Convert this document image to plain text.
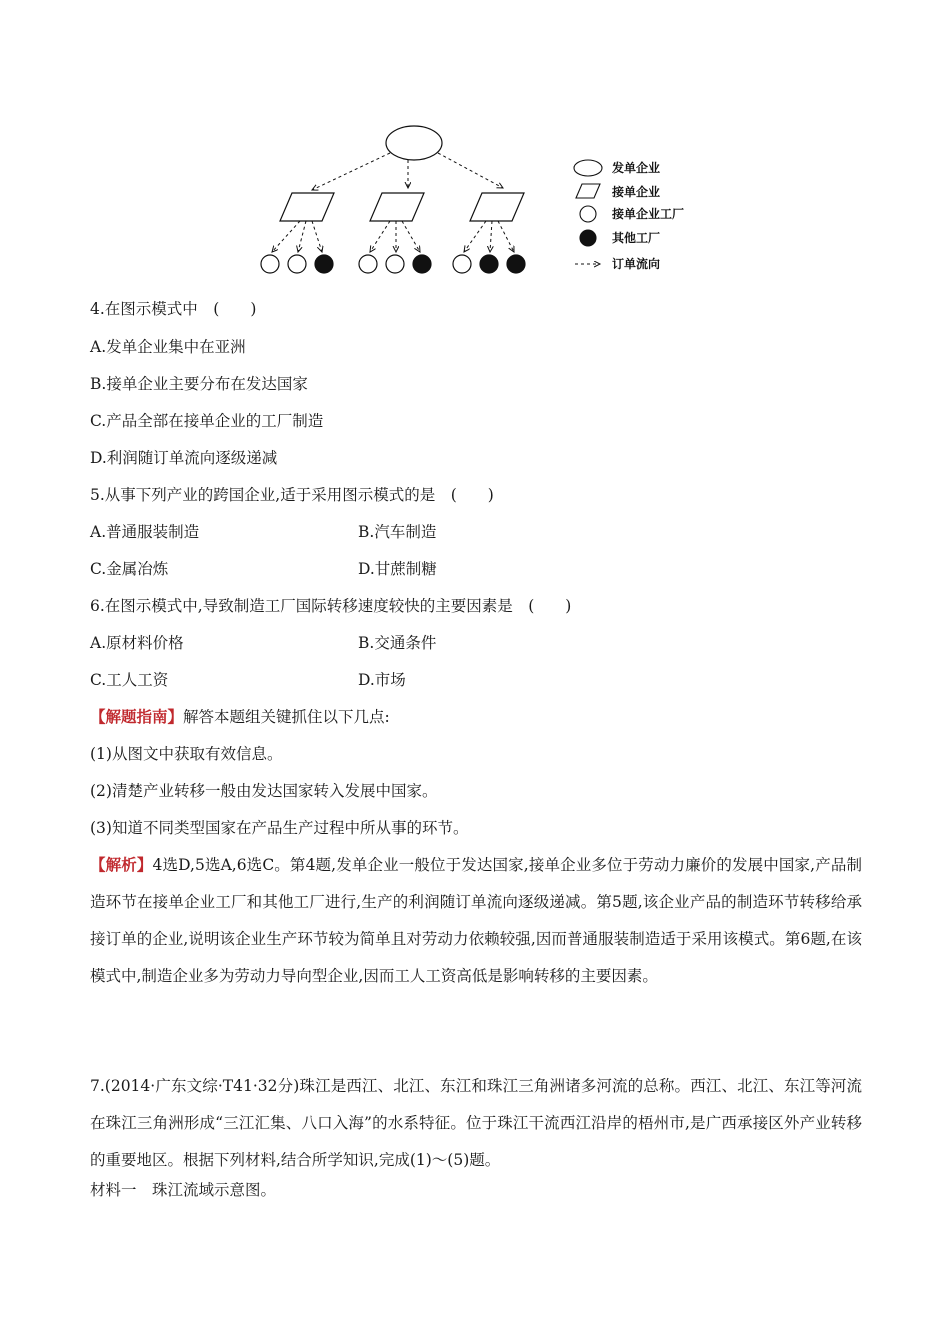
发单企业
接单企业
接单企业工厂
其他工厂
订单流向
4.在图示模式中　(　　)
A.发单企业集中在亚洲
B.接单企业主要分布在发达国家
C.产品全部在接单企业的工厂制造
D.利润随订单流向逐级递减
5.从事下列产业的跨国企业,适于采用图示模式的是　(　　)
A.普通服装制造	B.汽车制造
C.金属冶炼	D.甘蔗制糖
6.在图示模式中,导致制造工厂国际转移速度较快的主要因素是　(　　)
A.原材料价格	B.交通条件
C.工人工资	D.市场
【解题指南】解答本题组关键抓住以下几点:
(1)从图文中获取有效信息。
(2)清楚产业转移一般由发达国家转入发展中国家。
(3)知道不同类型国家在产品生产过程中所从事的环节。
【解析】4选D,5选A,6选C。第4题,发单企业一般位于发达国家,接单企业多位于劳动力廉价的发展中国家,产品制造环节在接单企业工厂和其他工厂进行,生产的利润随订单流向逐级递减。第5题,该企业产品的制造环节转移给承接订单的企业,说明该企业生产环节较为简单且对劳动力依赖较强,因而普通服装制造适于采用该模式。第6题,在该模式中,制造企业多为劳动力导向型企业,因而工人工资高低是影响转移的主要因素。
7.(2014·广东文综·T41·32分)珠江是西江、北江、东江和珠江三角洲诸多河流的总称。西江、北江、东江等河流在珠江三角洲形成“三江汇集、八口入海”的水系特征。位于珠江干流西江沿岸的梧州市,是广西承接区外产业转移的重要地区。根据下列材料,结合所学知识,完成(1)～(5)题。
材料一　珠江流域示意图。
